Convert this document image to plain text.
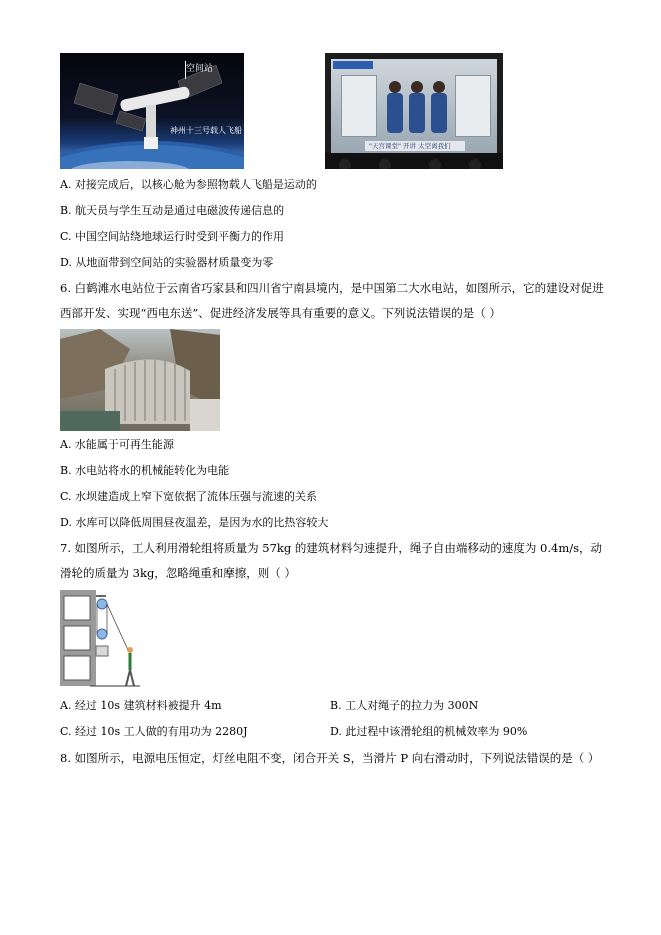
空间站
神州十三号载人飞船
"天宫课堂" 开讲 太空离我们
A. 对接完成后，以核心舱为参照物载人飞船是运动的
B. 航天员与学生互动是通过电磁波传递信息的
C. 中国空间站绕地球运行时受到平衡力的作用
D. 从地面带到空间站的实验器材质量变为零
6. 白鹤滩水电站位于云南省巧家县和四川省宁南县境内，是中国第二大水电站，如图所示，它的建设对促进西部开发、实现“西电东送”、促进经济发展等具有重要的意义。下列说法错误的是（ ）
A. 水能属于可再生能源
B. 水电站将水的机械能转化为电能
C. 水坝建造成上窄下宽依据了流体压强与流速的关系
D. 水库可以降低周围昼夜温差，是因为水的比热容较大
7. 如图所示，工人利用滑轮组将质量为 57kg 的建筑材料匀速提升，绳子自由端移动的速度为 0.4m/s，动滑轮的质量为 3kg，忽略绳重和摩擦，则（ ）
A. 经过 10s 建筑材料被提升 4m	B. 工人对绳子的拉力为 300N
C. 经过 10s 工人做的有用功为 2280J	D. 此过程中该滑轮组的机械效率为 90%
8. 如图所示，电源电压恒定，灯丝电阻不变，闭合开关 S，当滑片 P 向右滑动时，下列说法错误的是（ ）
